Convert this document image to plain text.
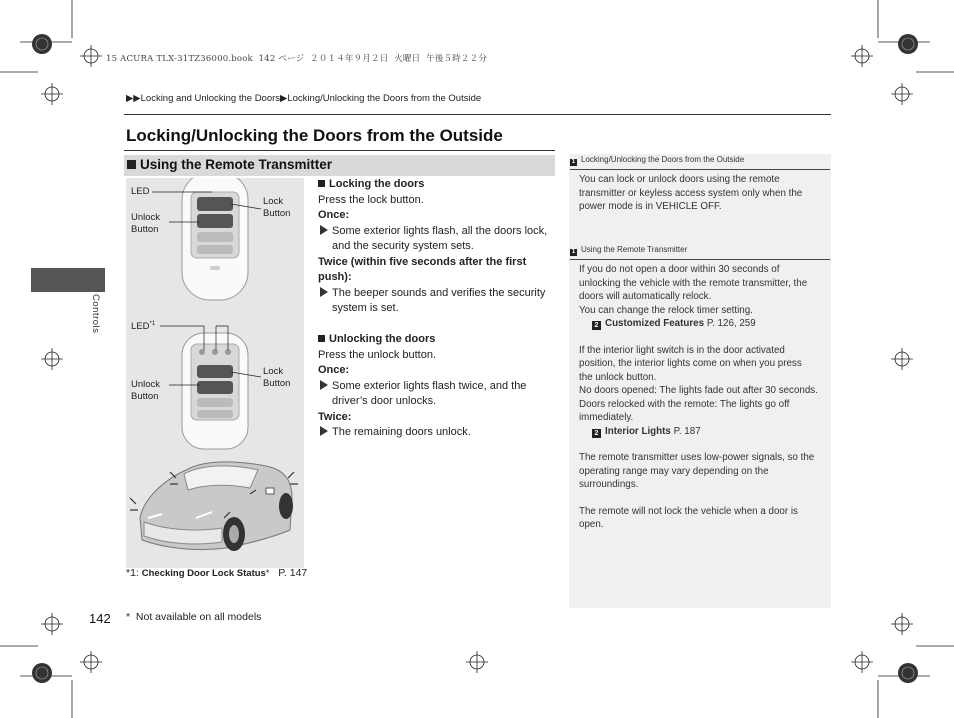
15 ACURA TLX-31TZ36000.book  142 ページ  ２０１４年９月２日  火曜日  午後５時２２分
▶▶Locking and Unlocking the Doors▶Locking/Unlocking the Doors from the Outside
Locking/Unlocking the Doors from the Outside
Using the Remote Transmitter
Controls
LED
Unlock
Button
Lock
Button
LED$^{*1}$
Unlock
Button
Lock
Button
*1: Checking Door Lock Status* P. 147
Locking the doors
Press the lock button.
Once:
Some exterior lights flash, all the doors lock, and the security system sets.
Twice (within five seconds after the first push):
The beeper sounds and verifies the security system is set.
Unlocking the doors
Press the unlock button.
Once:
Some exterior lights flash twice, and the driver’s door unlocks.
Twice:
The remaining doors unlock.
1 Locking/Unlocking the Doors from the Outside
You can lock or unlock doors using the remote transmitter or keyless access system only when the power mode is in VEHICLE OFF.
1 Using the Remote Transmitter
If you do not open a door within 30 seconds of unlocking the vehicle with the remote transmitter, the doors will automatically relock.
You can change the relock timer setting.
2 Customized Features P. 126, 259
If the interior light switch is in the door activated position, the interior lights come on when you press the unlock button.
No doors opened: The lights fade out after 30 seconds.
Doors relocked with the remote: The lights go off immediately.
2 Interior Lights P. 187
The remote transmitter uses low-power signals, so the operating range may vary depending on the surroundings.
The remote will not lock the vehicle when a door is open.
142 *  Not available on all models
